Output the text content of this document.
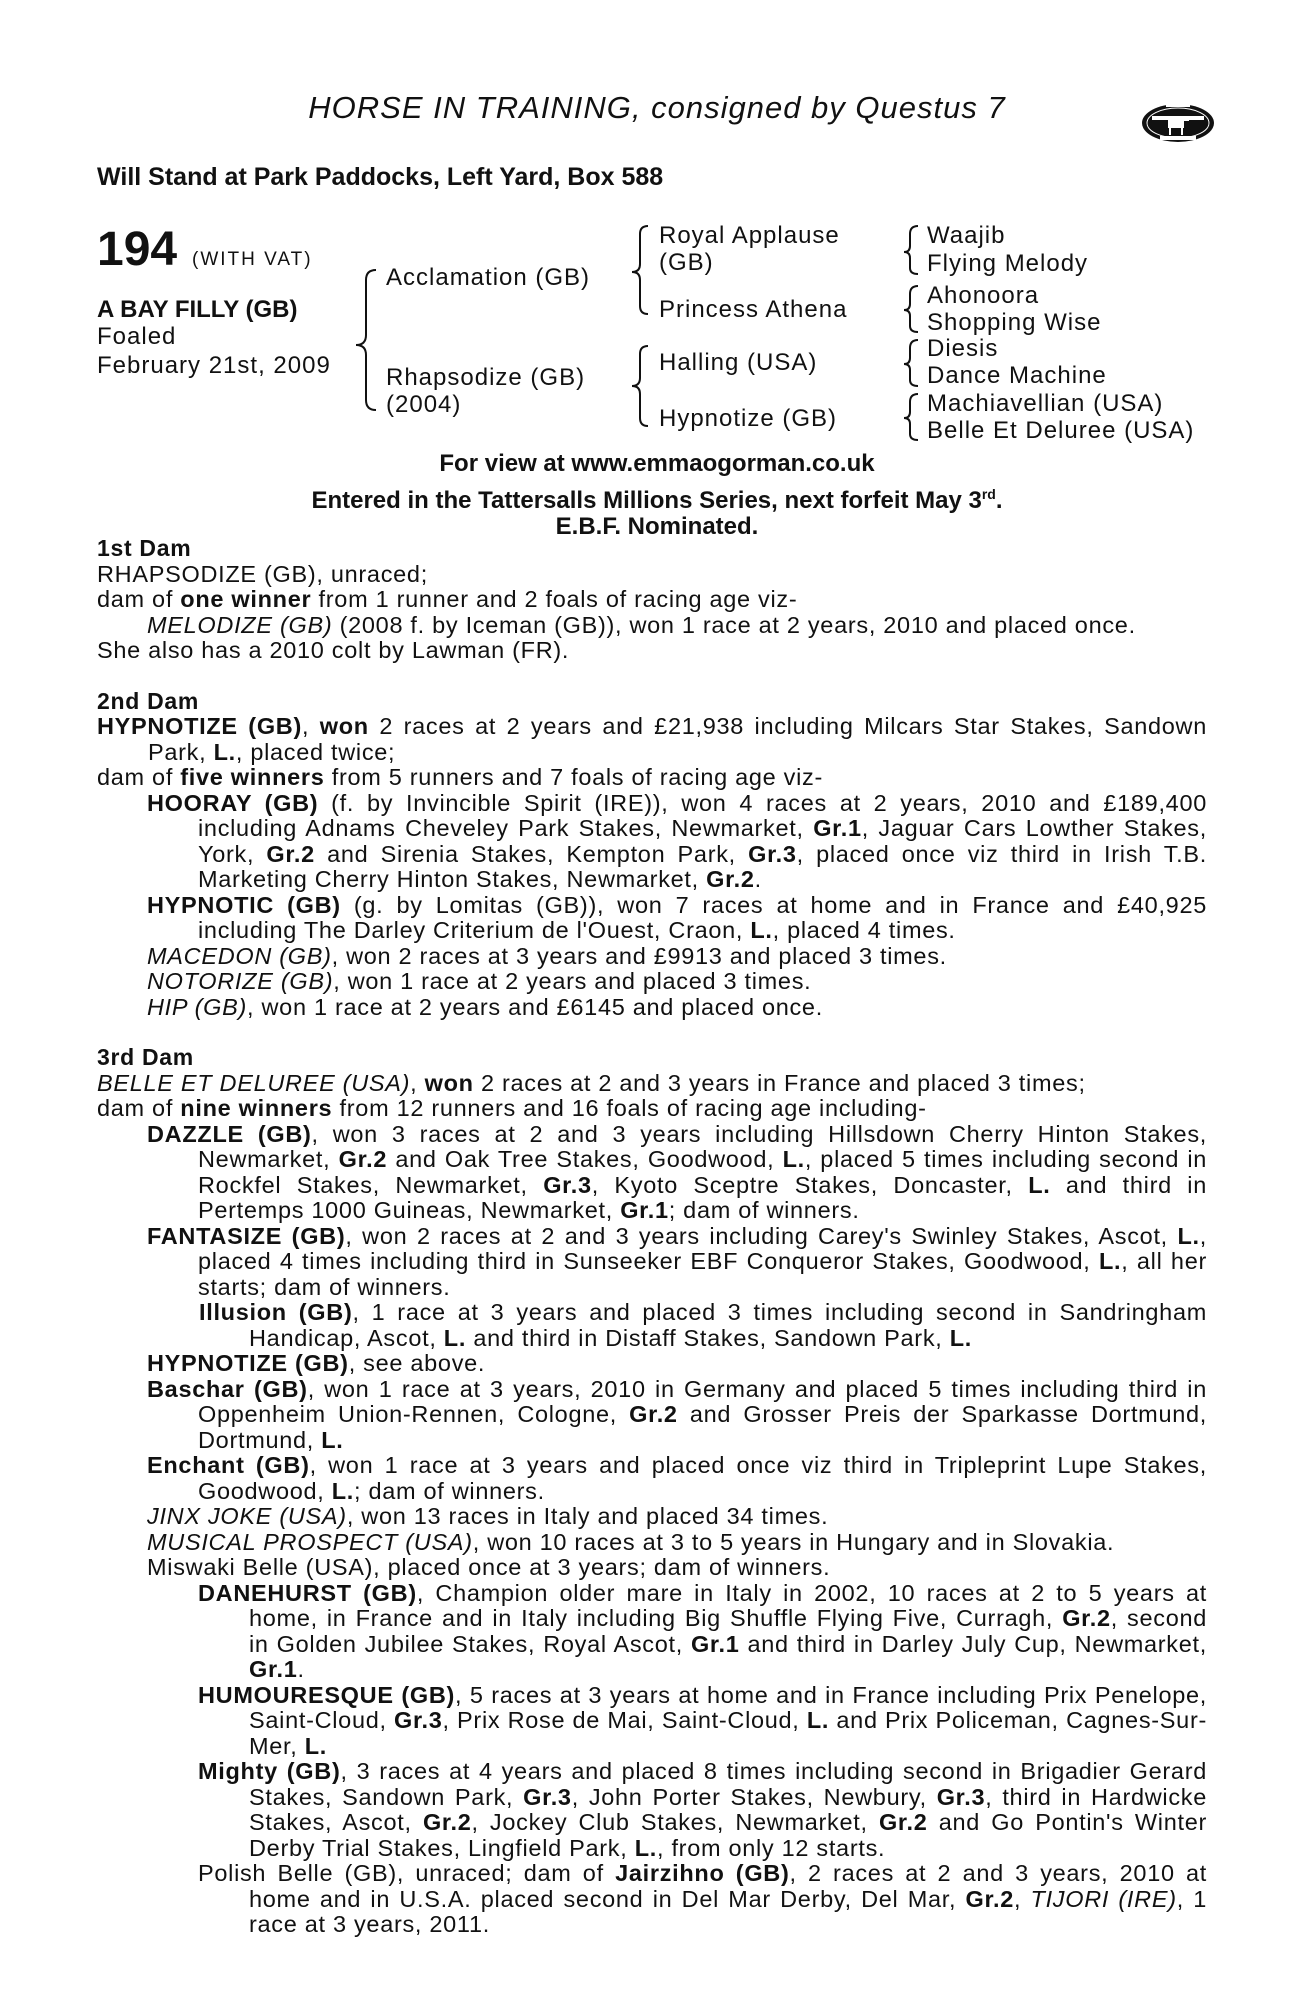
HORSE IN TRAINING, consigned by Questus 7
Will Stand at Park Paddocks, Left Yard, Box 588
194 (WITH VAT)
A BAY FILLY (GB)
Foaled
February 21st, 2009
Acclamation (GB)
Rhapsodize (GB)
(2004)
Royal Applause
(GB)
Princess Athena
Halling (USA)
Hypnotize (GB)
Waajib
Flying Melody
Ahonoora
Shopping Wise
Diesis
Dance Machine
Machiavellian (USA)
Belle Et Deluree (USA)
For view at www.emmaogorman.co.uk
Entered in the Tattersalls Millions Series, next forfeit May 3rd.
E.B.F. Nominated.

1st Dam

RHAPSODIZE (GB), unraced;

dam of one winner from 1 runner and 2 foals of racing age viz-

MELODIZE (GB) (2008 f. by Iceman (GB)), won 1 race at 2 years, 2010 and placed once.

She also has a 2010 colt by Lawman (FR).

2nd Dam

HYPNOTIZE (GB), won 2 races at 2 years and £21,938 including Milcars Star Stakes, Sandown Park, L., placed twice;

dam of five winners from 5 runners and 7 foals of racing age viz-

HOORAY (GB) (f. by Invincible Spirit (IRE)), won 4 races at 2 years, 2010 and £189,400 including Adnams Cheveley Park Stakes, Newmarket, Gr.1, Jaguar Cars Lowther Stakes, York, Gr.2 and Sirenia Stakes, Kempton Park, Gr.3, placed once viz third in Irish T.B. Marketing Cherry Hinton Stakes, Newmarket, Gr.2.

HYPNOTIC (GB) (g. by Lomitas (GB)), won 7 races at home and in France and £40,925 including The Darley Criterium de l'Ouest, Craon, L., placed 4 times.

MACEDON (GB), won 2 races at 3 years and £9913 and placed 3 times.

NOTORIZE (GB), won 1 race at 2 years and placed 3 times.

HIP (GB), won 1 race at 2 years and £6145 and placed once.

3rd Dam

BELLE ET DELUREE (USA), won 2 races at 2 and 3 years in France and placed 3 times;

dam of nine winners from 12 runners and 16 foals of racing age including-

DAZZLE (GB), won 3 races at 2 and 3 years including Hillsdown Cherry Hinton Stakes, Newmarket, Gr.2 and Oak Tree Stakes, Goodwood, L., placed 5 times including second in Rockfel Stakes, Newmarket, Gr.3, Kyoto Sceptre Stakes, Doncaster, L. and third in Pertemps 1000 Guineas, Newmarket, Gr.1; dam of winners.

FANTASIZE (GB), won 2 races at 2 and 3 years including Carey's Swinley Stakes, Ascot, L., placed 4 times including third in Sunseeker EBF Conqueror Stakes, Goodwood, L., all her starts; dam of winners.

Illusion (GB), 1 race at 3 years and placed 3 times including second in Sandringham Handicap, Ascot, L. and third in Distaff Stakes, Sandown Park, L.

HYPNOTIZE (GB), see above.

Baschar (GB), won 1 race at 3 years, 2010 in Germany and placed 5 times including third in Oppenheim Union-Rennen, Cologne, Gr.2 and Grosser Preis der Sparkasse Dortmund, Dortmund, L.

Enchant (GB), won 1 race at 3 years and placed once viz third in Tripleprint Lupe Stakes, Goodwood, L.; dam of winners.

JINX JOKE (USA), won 13 races in Italy and placed 34 times.

MUSICAL PROSPECT (USA), won 10 races at 3 to 5 years in Hungary and in Slovakia.

Miswaki Belle (USA), placed once at 3 years; dam of winners.

DANEHURST (GB), Champion older mare in Italy in 2002, 10 races at 2 to 5 years at home, in France and in Italy including Big Shuffle Flying Five, Curragh, Gr.2, second in Golden Jubilee Stakes, Royal Ascot, Gr.1 and third in Darley July Cup, Newmarket, Gr.1.

HUMOURESQUE (GB), 5 races at 3 years at home and in France including Prix Penelope, Saint-Cloud, Gr.3, Prix Rose de Mai, Saint-Cloud, L. and Prix Policeman, Cagnes-Sur-Mer, L.

Mighty (GB), 3 races at 4 years and placed 8 times including second in Brigadier Gerard Stakes, Sandown Park, Gr.3, John Porter Stakes, Newbury, Gr.3, third in Hardwicke Stakes, Ascot, Gr.2, Jockey Club Stakes, Newmarket, Gr.2 and Go Pontin's Winter Derby Trial Stakes, Lingfield Park, L., from only 12 starts.

Polish Belle (GB), unraced; dam of Jairzihno (GB), 2 races at 2 and 3 years, 2010 at home and in U.S.A. placed second in Del Mar Derby, Del Mar, Gr.2, TIJORI (IRE), 1 race at 3 years, 2011.
